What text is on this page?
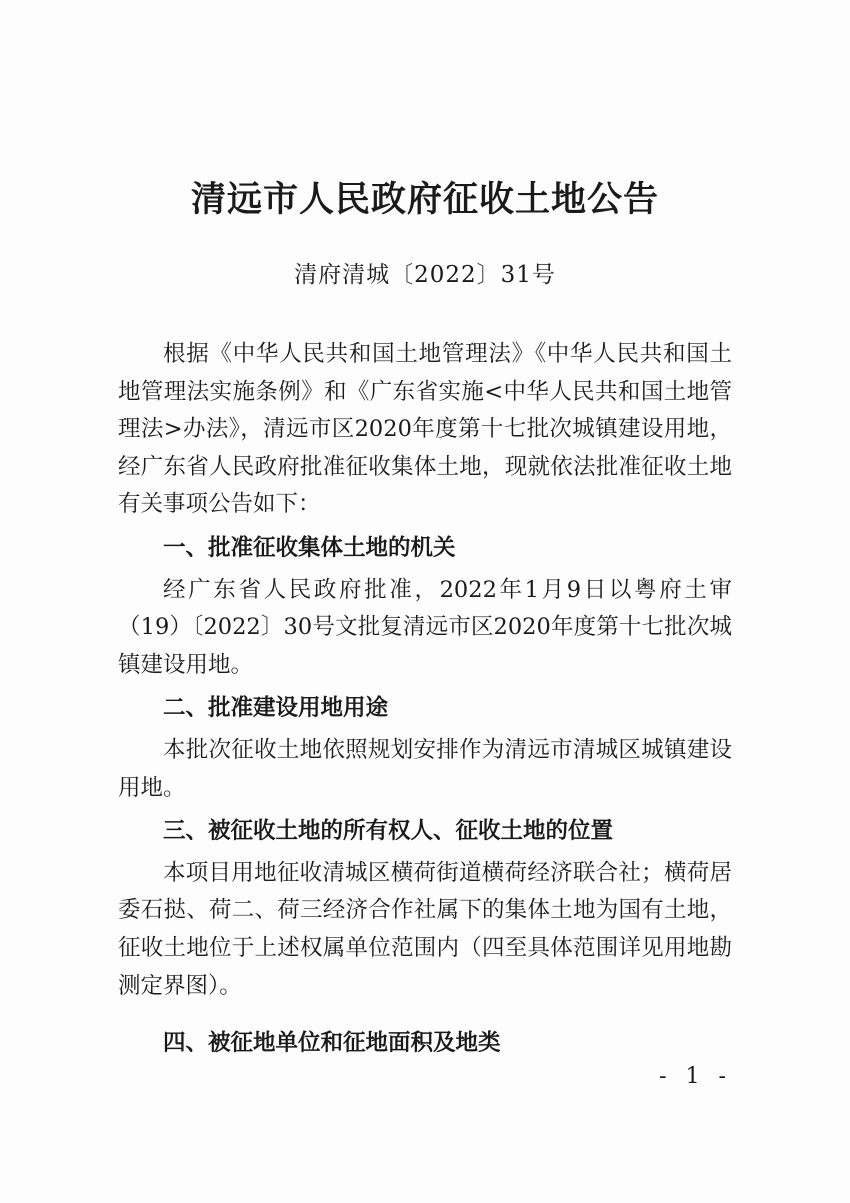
清远市人民政府征收土地公告
清府清城〔2022〕31号

根据《中华人民共和国土地管理法》《中华人民共和国土地管理法实施条例》和《广东省实施<中华人民共和国土地管理法>办法》，清远市区2020年度第十七批次城镇建设用地，经广东省人民政府批准征收集体土地，现就依法批准征收土地有关事项公告如下：

一、批准征收集体土地的机关

经广东省人民政府批准，2022年1月9日以粤府土审（19）〔2022〕30号文批复清远市区2020年度第十七批次城镇建设用地。

二、批准建设用地用途

本批次征收土地依照规划安排作为清远市清城区城镇建设用地。

三、被征收土地的所有权人、征收土地的位置

本项目用地征收清城区横荷街道横荷经济联合社；横荷居委石挞、荷二、荷三经济合作社属下的集体土地为国有土地，征收土地位于上述权属单位范围内（四至具体范围详见用地勘测定界图）。

四、被征地单位和征地面积及地类
- 1 -
